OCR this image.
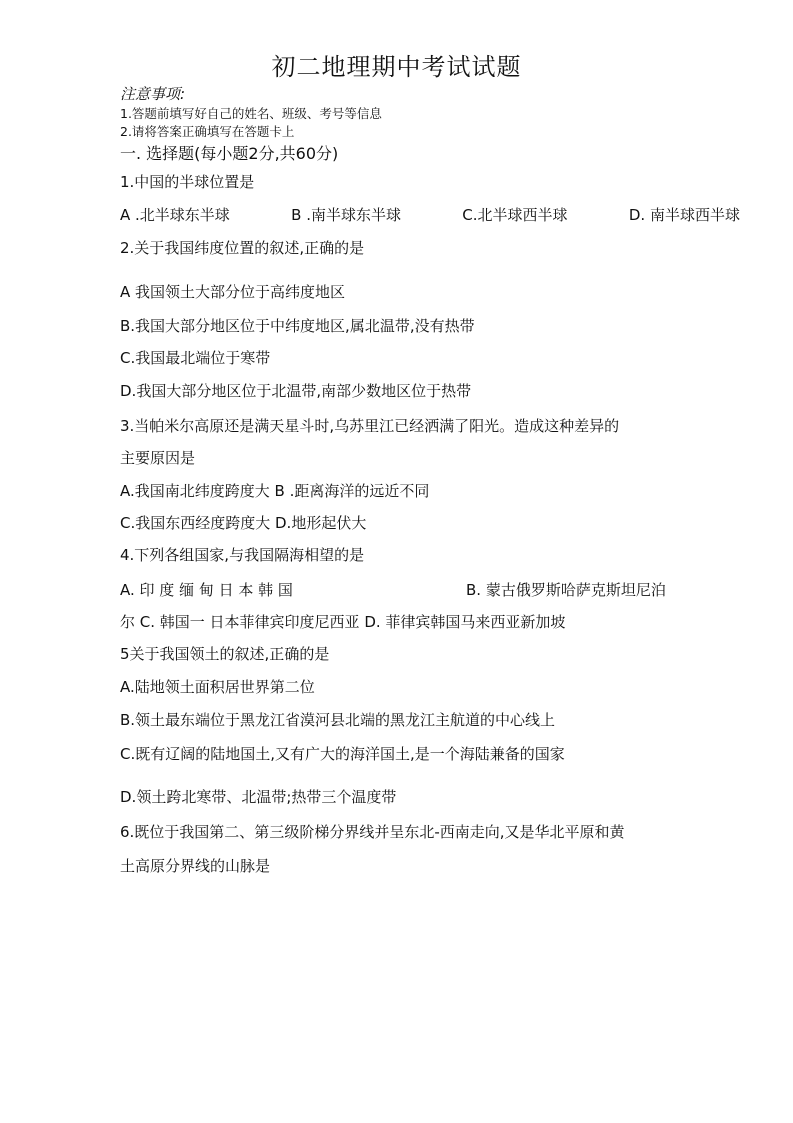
初二地理期中考试试题
注意事项:
1.答题前填写好自己的姓名、班级、考号等信息
2.请将答案正确填写在答题卡上
一. 选择题(每小题2分,共60分)
1.中国的半球位置是
A .北半球东半球	B .南半球东半球	C.北半球西半球	D. 南半球西半球
2.关于我国纬度位置的叙述,正确的是
A 我国领土大部分位于高纬度地区
B.我国大部分地区位于中纬度地区,属北温带,没有热带
C.我国最北端位于寒带
D.我国大部分地区位于北温带,南部少数地区位于热带
3.当帕米尔高原还是满天星斗时,乌苏里江已经洒满了阳光。造成这种差异的
主要原因是
A.我国南北纬度跨度大 B .距离海洋的远近不同
C.我国东西经度跨度大 D.地形起伏大
4.下列各组国家,与我国隔海相望的是
A. 印 度 缅 甸 日 本 韩 国	B. 蒙古俄罗斯哈萨克斯坦尼泊
尔 C. 韩国一 日本菲律宾印度尼西亚 D. 菲律宾韩国马来西亚新加坡
5关于我国领土的叙述,正确的是
A.陆地领土面积居世界第二位
B.领土最东端位于黑龙江省漠河县北端的黑龙江主航道的中心线上
C.既有辽阔的陆地国土,又有广大的海洋国土,是一个海陆兼备的国家
D.领土跨北寒带、北温带;热带三个温度带
6.既位于我国第二、第三级阶梯分界线并呈东北-西南走向,又是华北平原和黄
土高原分界线的山脉是
